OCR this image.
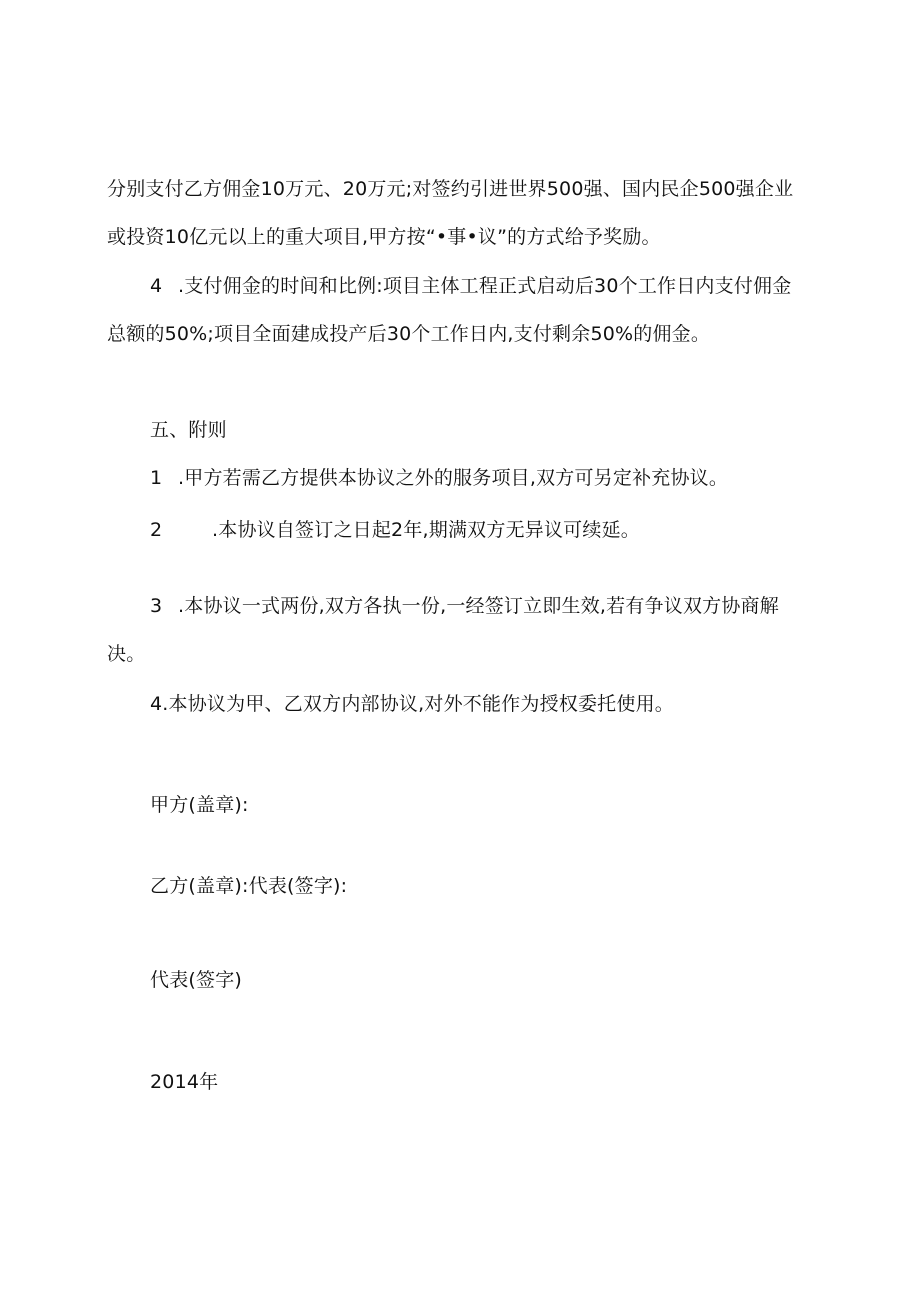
分别支付乙方佣金10万元、20万元;对签约引进世界500强、国内民企500强企业
或投资10亿元以上的重大项目,甲方按“•事•议”的方式给予奖励。
4 .支付佣金的时间和比例:项目主体工程正式启动后30个工作日内支付佣金
总额的50%;项目全面建成投产后30个工作日内,支付剩余50%的佣金。
五、附则
1 .甲方若需乙方提供本协议之外的服务项目,双方可另定补充协议。
2	.本协议自签订之日起2年,期满双方无异议可续延。
3 .本协议一式两份,双方各执一份,一经签订立即生效,若有争议双方协商解
决。
4.本协议为甲、乙双方内部协议,对外不能作为授权委托使用。
甲方(盖章):
乙方(盖章):代表(签字):
代表(签字)
2014年
